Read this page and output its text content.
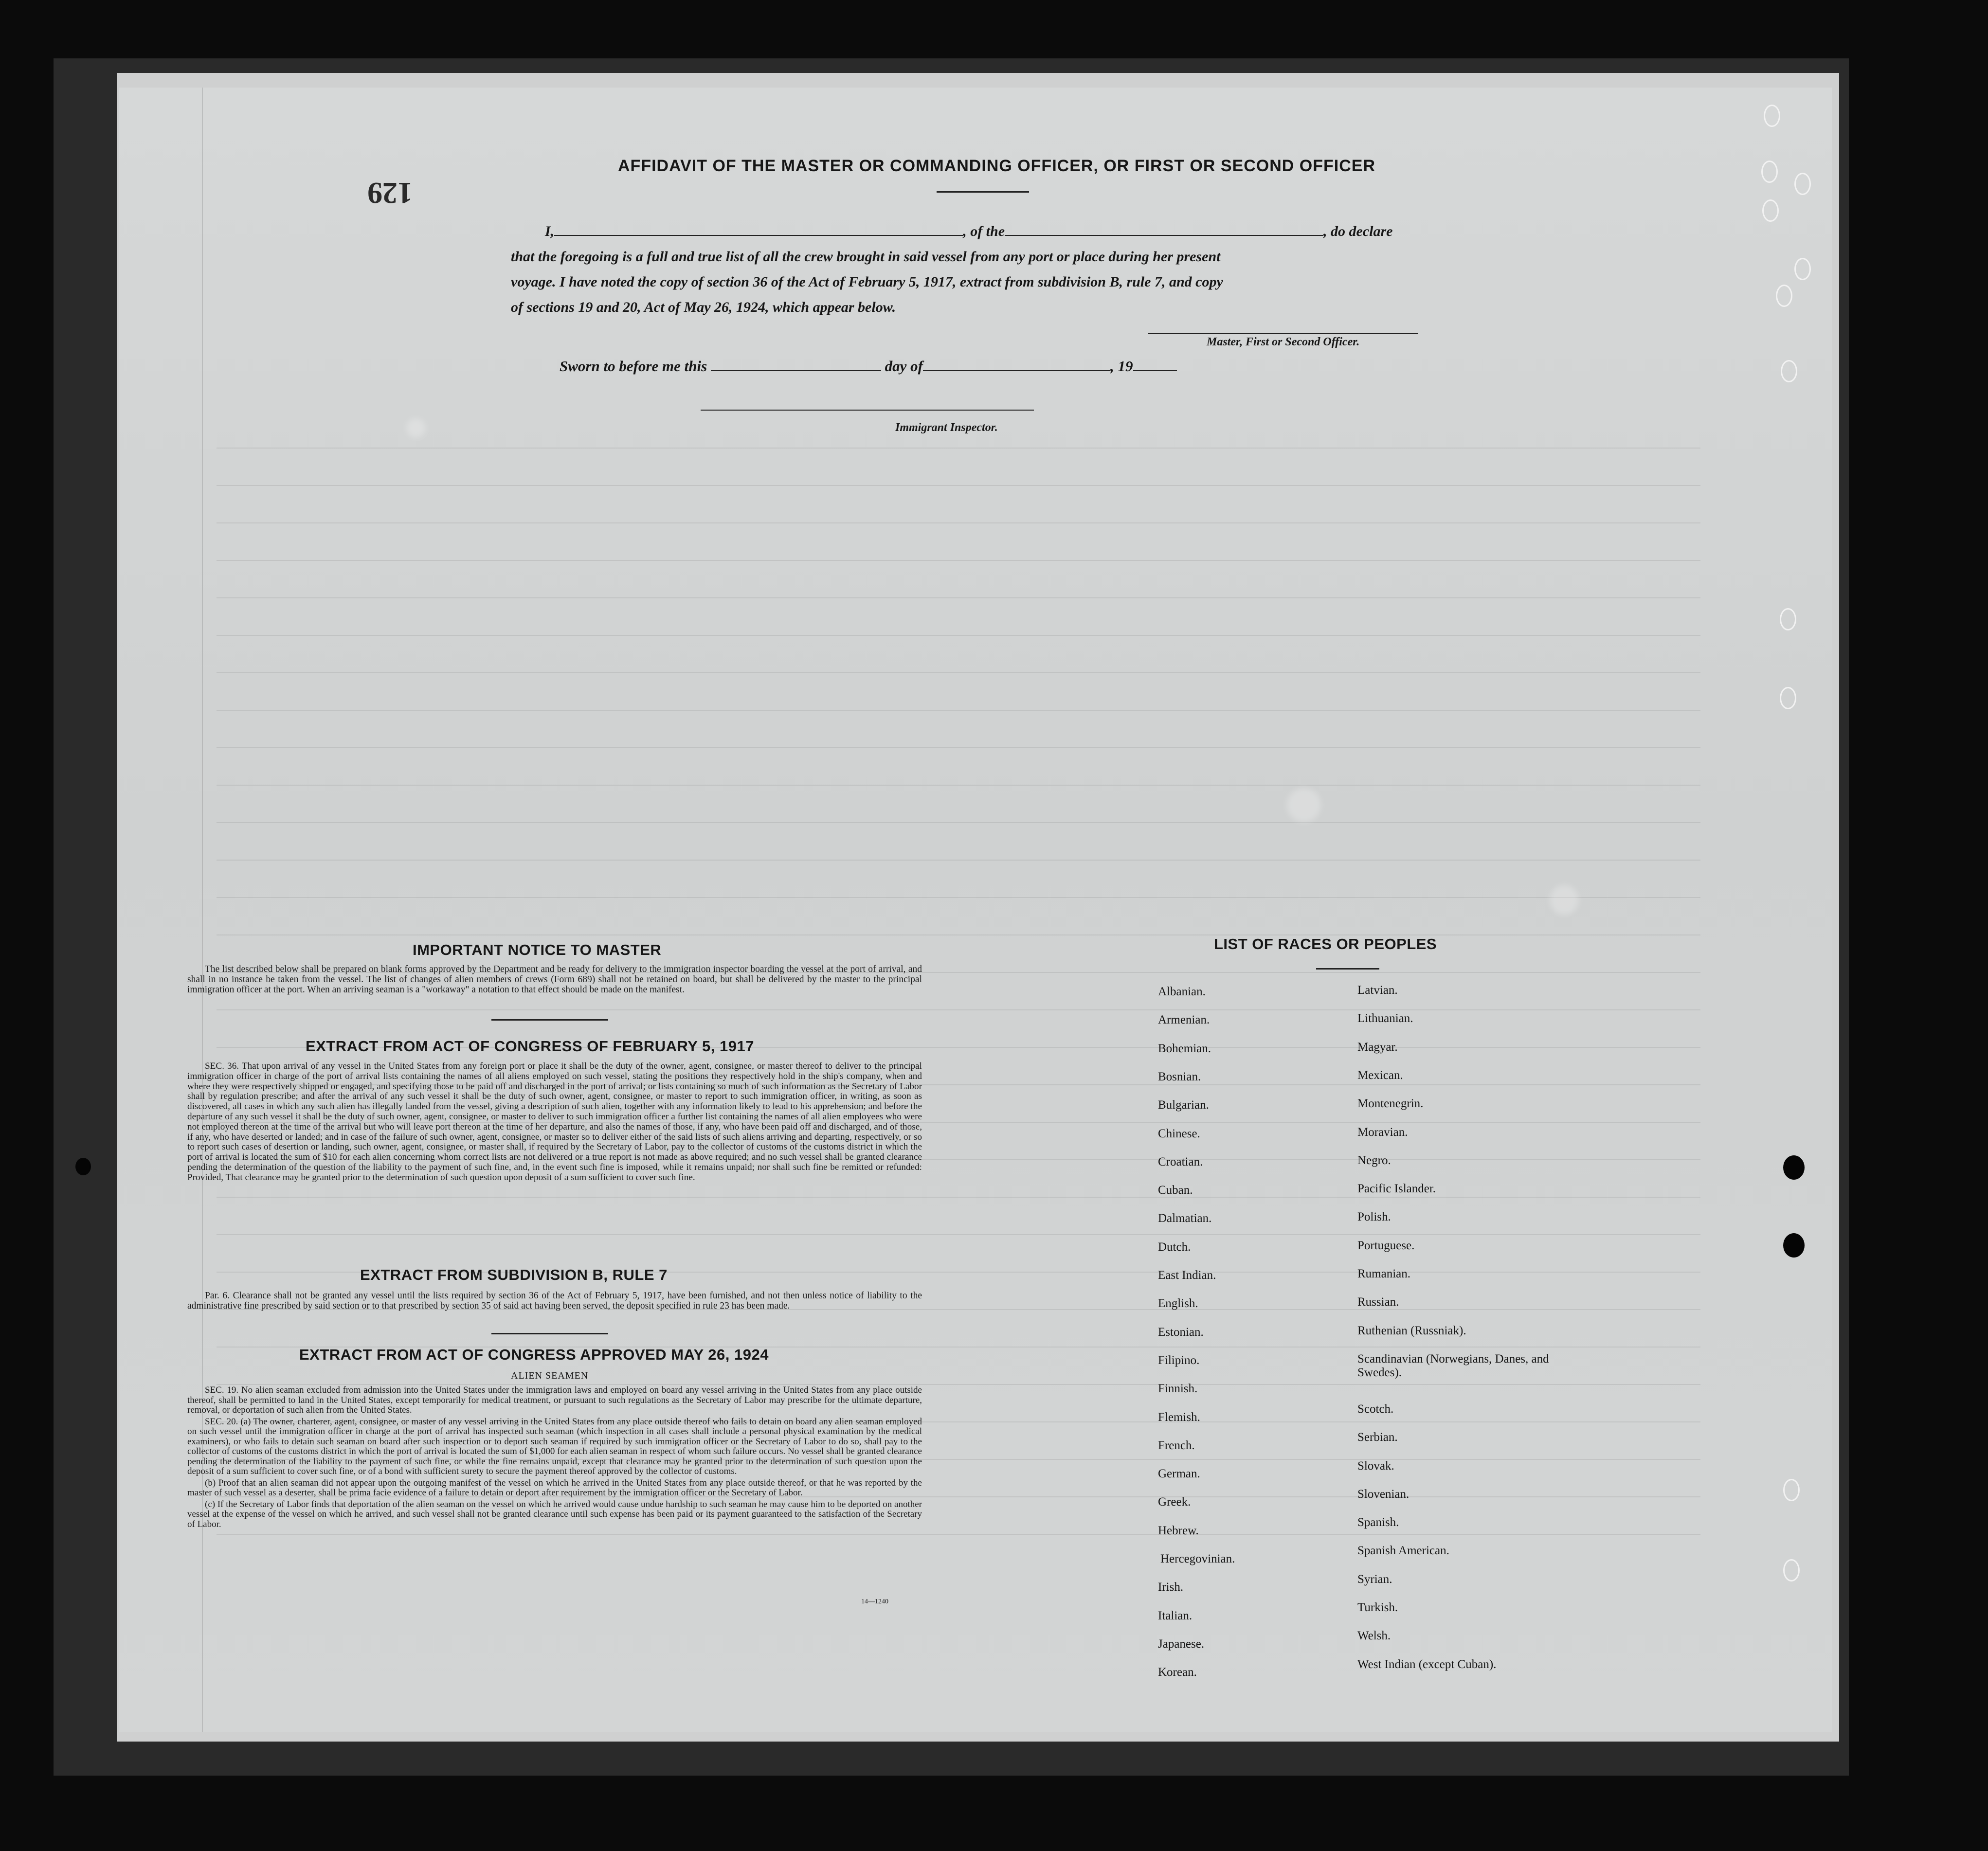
129
AFFIDAVIT OF THE MASTER OR COMMANDING OFFICER, OR FIRST OR SECOND OFFICER
I,	, of the	, do declare
that the foregoing is a full and true list of all the crew brought in said vessel from any port or place during her present
voyage. I have noted the copy of section 36 of the Act of February 5, 1917, extract from subdivision B, rule 7, and copy
of sections 19 and 20, Act of May 26, 1924, which appear below.
Master, First or Second Officer.
Sworn to before me this	day of	, 19
Immigrant Inspector.
IMPORTANT NOTICE TO MASTER

The list described below shall be prepared on blank forms approved by the Department and be ready for delivery to the immigration inspector boarding the vessel at the port of arrival, and shall in no instance be taken from the vessel. The list of changes of alien members of crews (Form 689) shall not be retained on board, but shall be delivered by the master to the principal immigration officer at the port. When an arriving seaman is a "workaway" a notation to that effect should be made on the manifest.

EXTRACT FROM ACT OF CONGRESS OF FEBRUARY 5, 1917

SEC. 36. That upon arrival of any vessel in the United States from any foreign port or place it shall be the duty of the owner, agent, consignee, or master thereof to deliver to the principal immigration officer in charge of the port of arrival lists containing the names of all aliens employed on such vessel, stating the positions they respectively hold in the ship's company, when and where they were respectively shipped or engaged, and specifying those to be paid off and discharged in the port of arrival; or lists containing so much of such information as the Secretary of Labor shall by regulation prescribe; and after the arrival of any such vessel it shall be the duty of such owner, agent, consignee, or master to report to such immigration officer, in writing, as soon as discovered, all cases in which any such alien has illegally landed from the vessel, giving a description of such alien, together with any information likely to lead to his apprehension; and before the departure of any such vessel it shall be the duty of such owner, agent, consignee, or master to deliver to such immigration officer a further list containing the names of all alien employees who were not employed thereon at the time of the arrival but who will leave port thereon at the time of her departure, and also the names of those, if any, who have been paid off and discharged, and of those, if any, who have deserted or landed; and in case of the failure of such owner, agent, consignee, or master so to deliver either of the said lists of such aliens arriving and departing, respectively, or so to report such cases of desertion or landing, such owner, agent, consignee, or master shall, if required by the Secretary of Labor, pay to the collector of customs of the customs district in which the port of arrival is located the sum of $10 for each alien concerning whom correct lists are not delivered or a true report is not made as above required; and no such vessel shall be granted clearance pending the determination of the question of the liability to the payment of such fine, and, in the event such fine is imposed, while it remains unpaid; nor shall such fine be remitted or refunded: Provided, That clearance may be granted prior to the determination of such question upon deposit of a sum sufficient to cover such fine.

EXTRACT FROM SUBDIVISION B, RULE 7

Par. 6. Clearance shall not be granted any vessel until the lists required by section 36 of the Act of February 5, 1917, have been furnished, and not then unless notice of liability to the administrative fine prescribed by said section or to that prescribed by section 35 of said act having been served, the deposit specified in rule 23 has been made.

EXTRACT FROM ACT OF CONGRESS APPROVED MAY 26, 1924
ALIEN SEAMEN

SEC. 19. No alien seaman excluded from admission into the United States under the immigration laws and employed on board any vessel arriving in the United States from any place outside thereof, shall be permitted to land in the United States, except temporarily for medical treatment, or pursuant to such regulations as the Secretary of Labor may prescribe for the ultimate departure, removal, or deportation of such alien from the United States.

SEC. 20. (a) The owner, charterer, agent, consignee, or master of any vessel arriving in the United States from any place outside thereof who fails to detain on board any alien seaman employed on such vessel until the immigration officer in charge at the port of arrival has inspected such seaman (which inspection in all cases shall include a personal physical examination by the medical examiners), or who fails to detain such seaman on board after such inspection or to deport such seaman if required by such immigration officer or the Secretary of Labor to do so, shall pay to the collector of customs of the customs district in which the port of arrival is located the sum of $1,000 for each alien seaman in respect of whom such failure occurs. No vessel shall be granted clearance pending the determination of the liability to the payment of such fine, or while the fine remains unpaid, except that clearance may be granted prior to the determination of such question upon the deposit of a sum sufficient to cover such fine, or of a bond with sufficient surety to secure the payment thereof approved by the collector of customs.

(b) Proof that an alien seaman did not appear upon the outgoing manifest of the vessel on which he arrived in the United States from any place outside thereof, or that he was reported by the master of such vessel as a deserter, shall be prima facie evidence of a failure to detain or deport after requirement by the immigration officer or the Secretary of Labor.

(c) If the Secretary of Labor finds that deportation of the alien seaman on the vessel on which he arrived would cause undue hardship to such seaman he may cause him to be deported on another vessel at the expense of the vessel on which he arrived, and such vessel shall not be granted clearance until such expense has been paid or its payment guaranteed to the satisfaction of the Secretary of Labor.

14—1240
LIST OF RACES OR PEOPLES
Albanian.
Armenian.
Bohemian.
Bosnian.
Bulgarian.
Chinese.
Croatian.
Cuban.
Dalmatian.
Dutch.
East Indian.
English.
Estonian.
Filipino.
Finnish.
Flemish.
French.
German.
Greek.
Hebrew.
Hercegovinian.
Irish.
Italian.
Japanese.
Korean.
Latvian.
Lithuanian.
Magyar.
Mexican.
Montenegrin.
Moravian.
Negro.
Pacific Islander.
Polish.
Portuguese.
Rumanian.
Russian.
Ruthenian (Russniak).
Scandinavian (Norwegians, Danes, and Swedes).
Scotch.
Serbian.
Slovak.
Slovenian.
Spanish.
Spanish American.
Syrian.
Turkish.
Welsh.
West Indian (except Cuban).
